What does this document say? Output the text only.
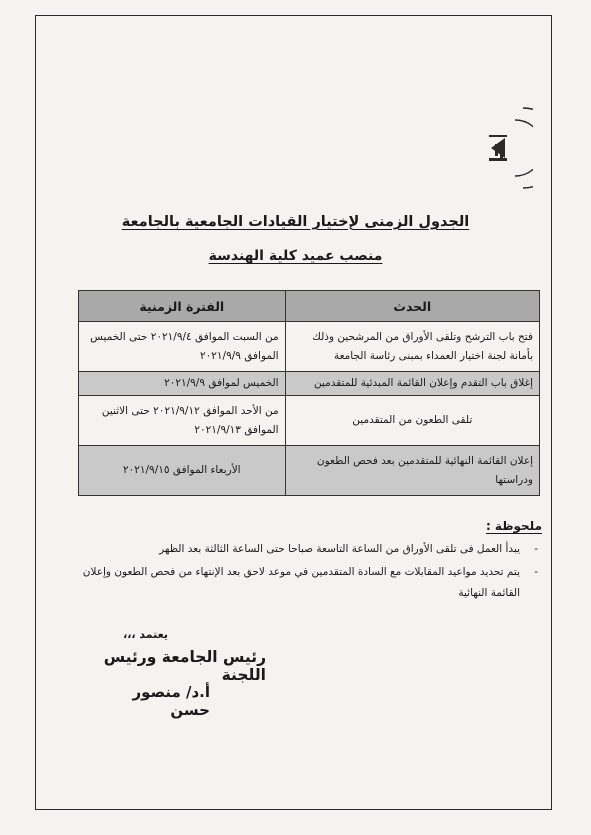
الجدول الزمنى لإختيار القيادات الجامعية بالجامعة
منصب عميد كلية الهندسة
الحدث	الفترة الزمنية
فتح باب الترشح وتلقى الأوراق من المرشحين وذلك بأمانة لجنة اختيار العمداء بمبنى رئاسة الجامعة	من السبت الموافق ٢٠٢١/٩/٤ حتى الخميس الموافق ٢٠٢١/٩/٩
إغلاق باب التقدم وإعلان القائمة المبدئية للمتقدمين	الخميس لموافق ٢٠٢١/٩/٩
تلقى الطعون من المتقدمين	من الأحد الموافق ٢٠٢١/٩/١٢ حتى الاثنين الموافق ٢٠٢١/٩/١٣
إعلان القائمة النهائية للمتقدمين بعد فحص الطعون ودراستها	الأربعاء الموافق ٢٠٢١/٩/١٥
ملحوظة :
-
يبدأ العمل فى تلقى الأوراق من الساعة التاسعة صباحا حتى الساعة الثالثة بعد الظهر
-
يتم تحديد مواعيد المقابلات مع السادة المتقدمين في موعد لاحق بعد الإنتهاء من فحص الطعون وإعلان القائمة النهائية
يعتمد ،،،
رئيس الجامعة ورئيس اللجنة
أ.د/ منصور حسن
